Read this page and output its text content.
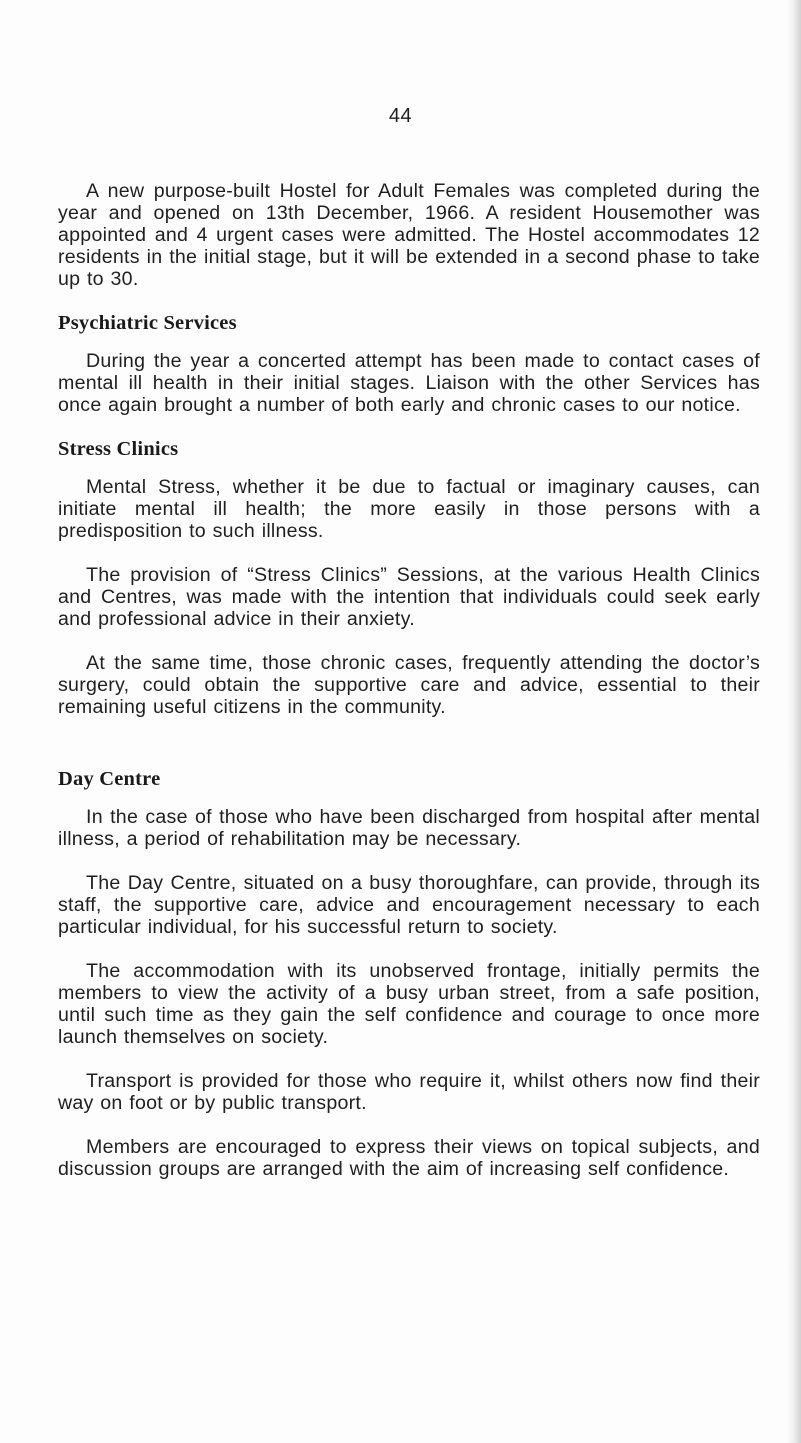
44

A new purpose-built Hostel for Adult Females was completed during the year and opened on 13th December, 1966. A resident Housemother was appointed and 4 urgent cases were admitted. The Hostel accommodates 12 residents in the initial stage, but it will be extended in a second phase to take up to 30.

Psychiatric Services

During the year a concerted attempt has been made to contact cases of mental ill health in their initial stages. Liaison with the other Services has once again brought a number of both early and chronic cases to our notice.

Stress Clinics

Mental Stress, whether it be due to factual or imaginary causes, can initiate mental ill health; the more easily in those persons with a predisposition to such illness.

The provision of “Stress Clinics” Sessions, at the various Health Clinics and Centres, was made with the intention that individuals could seek early and professional advice in their anxiety.

At the same time, those chronic cases, frequently attending the doctor’s surgery, could obtain the supportive care and advice, essential to their remaining useful citizens in the community.

Day Centre

In the case of those who have been discharged from hospital after mental illness, a period of rehabilitation may be necessary.

The Day Centre, situated on a busy thoroughfare, can provide, through its staff, the supportive care, advice and encouragement necessary to each particular individual, for his successful return to society.

The accommodation with its unobserved frontage, initially permits the members to view the activity of a busy urban street, from a safe position, until such time as they gain the self confidence and courage to once more launch themselves on society.

Transport is provided for those who require it, whilst others now find their way on foot or by public transport.

Members are encouraged to express their views on topical subjects, and discussion groups are arranged with the aim of increasing self confidence.
